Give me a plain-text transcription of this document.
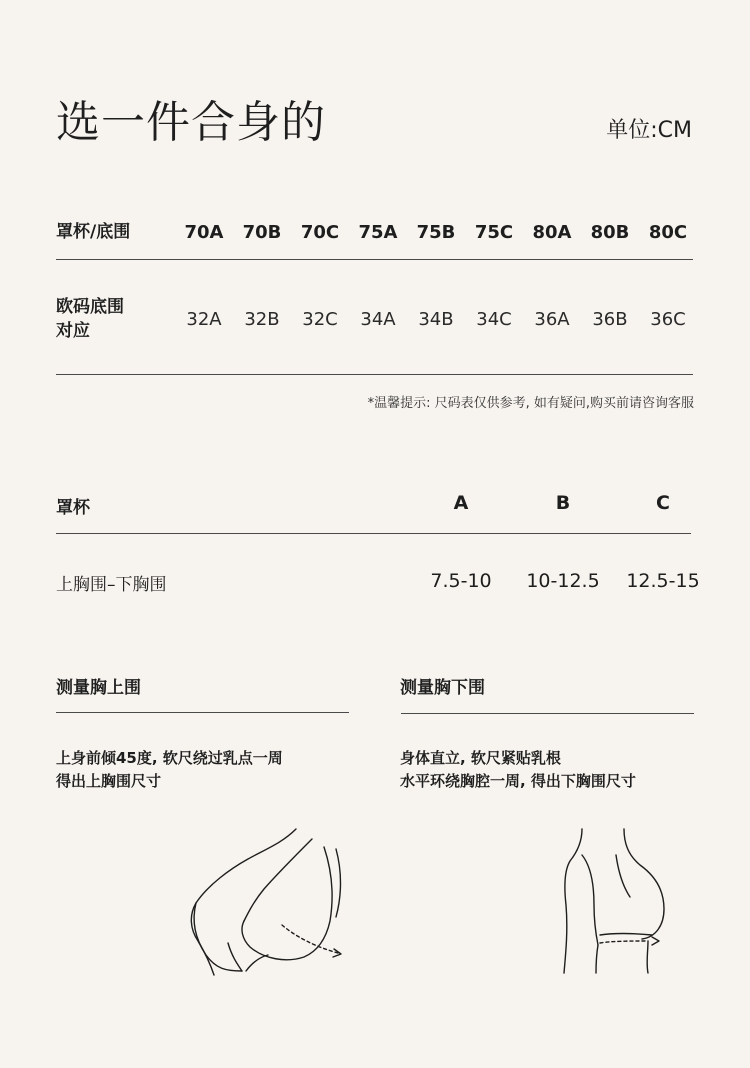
选一件合身的	单位:CM
罩杯/底围	70A	70B	70C	75A	75B	75C	80A	80B	80C
欧码底围
对应
32A	32B	32C	34A	34B	34C	36A	36B	36C
*温馨提示: 尺码表仅供参考, 如有疑问,购买前请咨询客服
罩杯	A	B	C
上胸围–下胸围	7.5-10	10-12.5	12.5-15
测量胸上围
上身前倾45度, 软尺绕过乳点一周
得出上胸围尺寸
测量胸下围
身体直立, 软尺紧贴乳根
水平环绕胸腔一周, 得出下胸围尺寸
